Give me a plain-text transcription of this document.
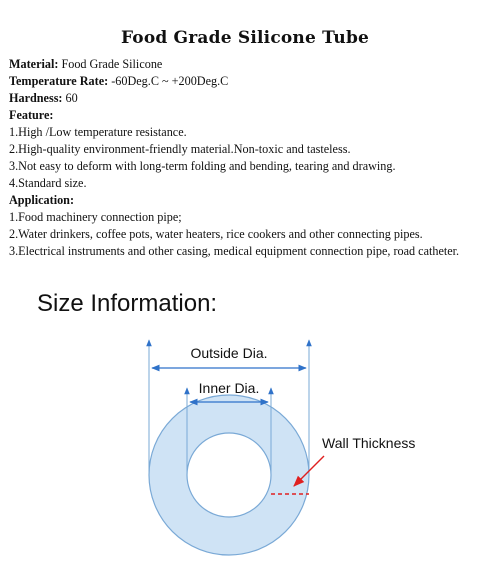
Food Grade Silicone Tube
Material: Food Grade Silicone
Temperature Rate: -60Deg.C ~ +200Deg.C
Hardness: 60
Feature:
1.High /Low temperature resistance.
2.High-quality environment-friendly material.Non-toxic and tasteless.
3.Not easy to deform with long-term folding and bending, tearing and drawing.
4.Standard size.
Application:
1.Food machinery connection pipe;
2.Water drinkers, coffee pots, water heaters, rice cookers and other connecting pipes.
3.Electrical instruments and other casing, medical equipment connection pipe, road catheter.
Size Information:
Outside Dia.
Inner Dia.
Wall Thickness
